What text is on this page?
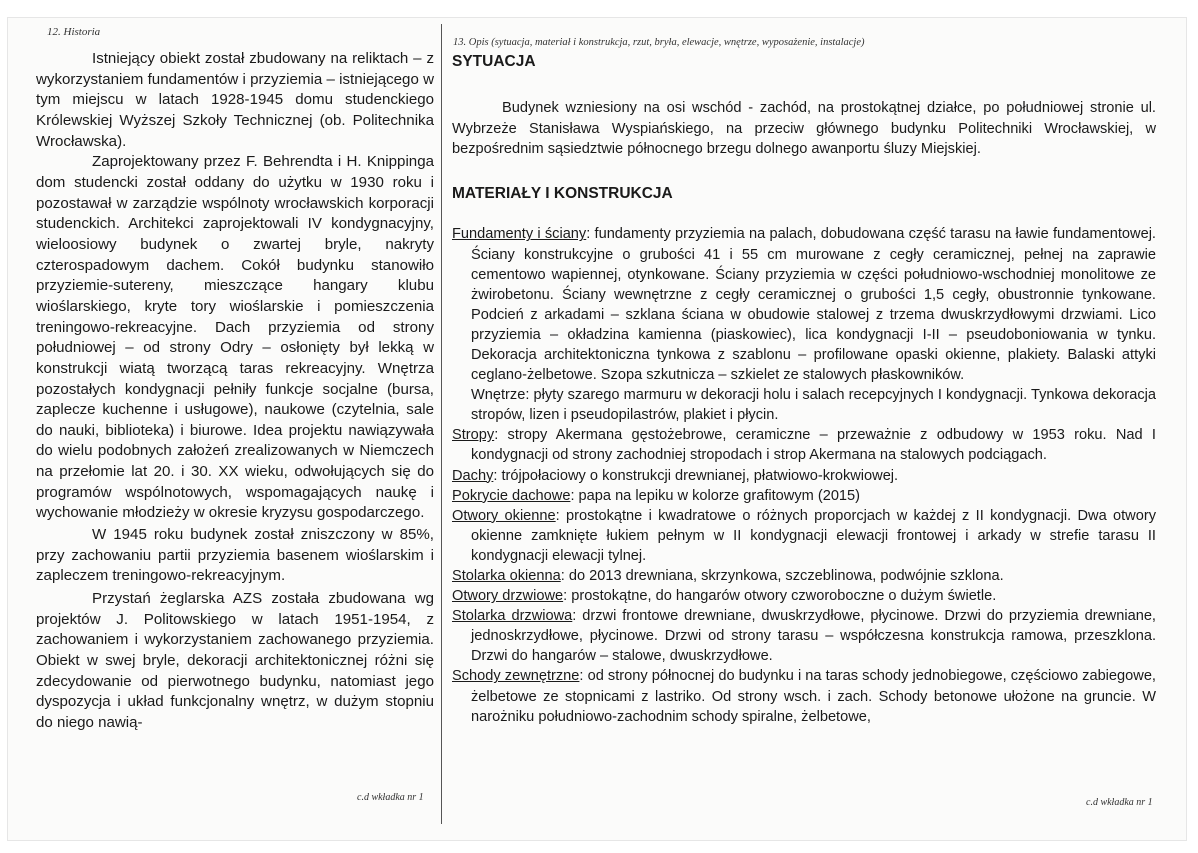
12. Historia
13. Opis (sytuacja, materiał i konstrukcja, rzut, bryła, elewacje, wnętrze, wyposażenie, instalacje)

Istniejący obiekt został zbudowany na reliktach – z wykorzystaniem fundamentów i przyziemia – istniejącego w tym miejscu w latach 1928-1945 domu studenckiego Królewskiej Wyższej Szkoły Technicznej (ob. Politechnika Wrocławska).

Zaprojektowany przez F. Behrendta i H. Knippinga dom studencki został oddany do użytku w 1930 roku i pozostawał w zarządzie wspólnoty wrocławskich korporacji studenckich. Architekci zaprojektowali IV kondygnacyjny, wieloosiowy budynek o zwartej bryle, nakryty czterospadowym dachem. Cokół budynku stanowiło przyziemie-suterenу, mieszczące hangary klubu wioślarskiego, kryte tory wioślarskie i pomieszczenia treningowo-rekreacyjne. Dach przyziemia od strony południowej – od strony Odry – osłonięty był lekką w konstrukcji wiatą tworzącą taras rekreacyjny. Wnętrza pozostałych kondygnacji pełniły funkcje socjalne (bursa, zaplecze kuchenne i usługowe), naukowe (czytelnia, sale do nauki, biblioteka) i biurowe. Idea projektu nawiązywała do wielu podobnych założeń zrealizowanych w Niemczech na przełomie lat 20. i 30. XX wieku, odwołujących się do programów wspólnotowych, wspomagających naukę i wychowanie młodzieży w okresie kryzysu gospodarczego.

W 1945 roku budynek został zniszczony w 85%, przy zachowaniu partii przyziemia basenem wioślarskim i zapleczem treningowo-rekreacyjnym.

Przystań żeglarska AZS została zbudowana wg projektów J. Politowskiego w latach 1951-1954, z zachowaniem i wykorzystaniem zachowanego przyziemia. Obiekt w swej bryle, dekoracji architektonicznej różni się zdecydowanie od pierwotnego budynku, natomiast jego dyspozycja i układ funkcjonalny wnętrz, w dużym stopniu do niego nawią-

c.d wkładka nr 1

SYTUACJA

Budynek wzniesiony na osi wschód - zachód, na prostokątnej działce, po południowej stronie ul. Wybrzeże Stanisława Wyspiańskiego, na przeciw głównego budynku Politechniki Wrocławskiej, w bezpośrednim sąsiedztwie północnego brzegu dolnego awanportu śluzy Miejskiej.

MATERIAŁY I KONSTRUKCJA

Fundamenty i ściany: fundamenty przyziemia na palach, dobudowana część tarasu na ławie fundamentowej. Ściany konstrukcyjne o grubości 41 i 55 cm murowane z cegły ceramicznej, pełnej na zaprawie cementowo wapiennej, otynkowane. Ściany przyziemia w części południowo-wschodniej monolitowe ze żwirobetonu. Ściany wewnętrzne z cegły ceramicznej o grubości 1,5 cegły, obustronnie tynkowane. Podcień z arkadami – szklana ściana w obudowie stalowej z trzema dwuskrzydłowymi drzwiami. Lico przyziemia – okładzina kamienna (piaskowiec), lica kondygnacji I-II – pseudoboniowania w tynku. Dekoracja architektoniczna tynkowa z szablonu – profilowane opaski okienne, plakiety. Balaski attyki ceglano-żelbetowe. Szopa szkutnicza – szkielet ze stalowych płaskowników.

Wnętrze: płyty szarego marmuru w dekoracji holu i salach recepcyjnych I kondygnacji. Tynkowa dekoracja stropów, lizen i pseudopilastrów, plakiet i płycin.

Stropy: stropy Akermana gęstożebrowe, ceramiczne – przeważnie z odbudowy w 1953 roku. Nad I kondygnacji od strony zachodniej stropodach i strop Akermana na stalowych podciągach.

Dachy: trójpołaciowy o konstrukcji drewnianej, płatwiowo-krokwiowej.

Pokrycie dachowe: papa na lepiku w kolorze grafitowym (2015)

Otwory okienne: prostokątne i kwadratowe o różnych proporcjach w każdej z II kondygnacji. Dwa otwory okienne zamknięte łukiem pełnym w II kondygnacji elewacji frontowej i arkady w strefie tarasu II kondygnacji elewacji tylnej.

Stolarka okienna: do 2013 drewniana, skrzynkowa, szczeblinowa, podwójnie szklona.

Otwory drzwiowe: prostokątne, do hangarów otwory czworoboczne o dużym świetle.

Stolarka drzwiowa: drzwi frontowe drewniane, dwuskrzydłowe, płycinowe. Drzwi do przyziemia drewniane, jednoskrzydłowe, płycinowe. Drzwi od strony tarasu – współczesna konstrukcja ramowa, przeszklona. Drzwi do hangarów – stalowe, dwuskrzydłowe.

Schody zewnętrzne: od strony północnej do budynku i na taras schody jednobiegowe, częściowo zabiegowe, żelbetowe ze stopnicami z lastriko. Od strony wsch. i zach. Schody betonowe ułożone na gruncie. W narożniku południowo-zachodnim schody spiralne, żelbetowe,

c.d wkładka nr 1
